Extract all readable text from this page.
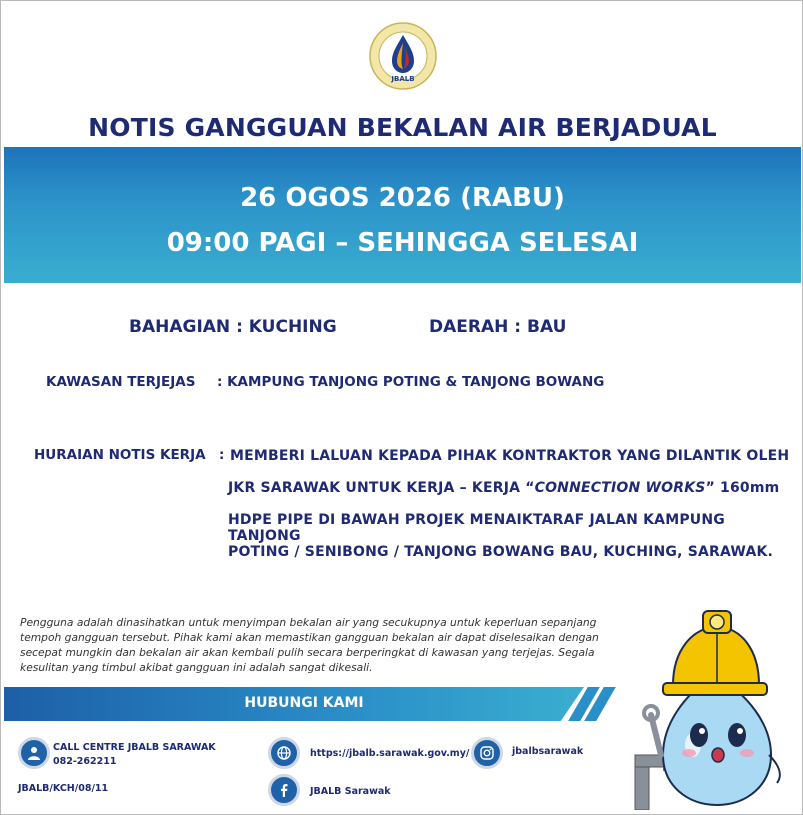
JBALB
NOTIS GANGGUAN BEKALAN AIR BERJADUAL
26 OGOS 2026 (RABU)
09:00 PAGI – SEHINGGA SELESAI
BAHAGIAN : KUCHING	DAERAH : BAU
KAWASAN TERJEJAS : KAMPUNG TANJONG POTING & TANJONG BOWANG
HURAIAN NOTIS KERJA : MEMBERI LALUAN KEPADA PIHAK KONTRAKTOR YANG DILANTIK OLEH
JKR SARAWAK UNTUK KERJA – KERJA “CONNECTION WORKS” 160mm
HDPE PIPE DI BAWAH PROJEK MENAIKTARAF JALAN KAMPUNG TANJONG
POTING / SENIBONG / TANJONG BOWANG BAU, KUCHING, SARAWAK.
Pengguna adalah dinasihatkan untuk menyimpan bekalan air yang secukupnya untuk keperluan sepanjang tempoh gangguan tersebut. Pihak kami akan memastikan gangguan bekalan air dapat diselesaikan dengan secepat mungkin dan bekalan air akan kembali pulih secara berperingkat di kawasan yang terjejas. Segala kesulitan yang timbul akibat gangguan ini adalah sangat dikesali.
HUBUNGI KAMI
CALL CENTRE JBALB SARAWAK
082-262211
https://jbalb.sarawak.gov.my/	jbalbsarawak
JBALB Sarawak
JBALB/KCH/08/11
